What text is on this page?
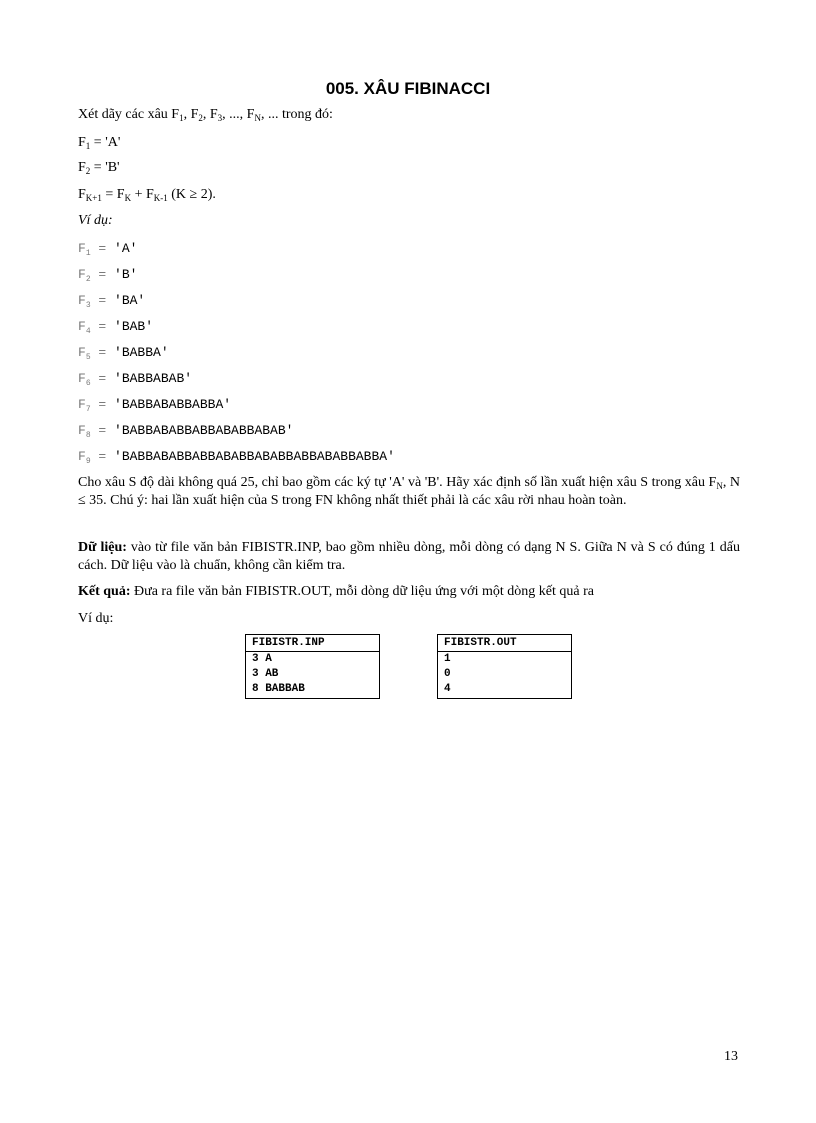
005. XÂU FIBINACCI
Xét dãy các xâu $F_1$, $F_2$, $F_3$, ..., $F_N$, ... trong đó:
$F_1$ = 'A'
$F_2$ = 'B'
$F_{K+1} = F_K + F_{K-1}$ (K ≥ 2).
Ví dụ:
$F_1$ = 'A'
$F_2$ = 'B'
$F_3$ = 'BA'
$F_4$ = 'BAB'
$F_5$ = 'BABBA'
$F_6$ = 'BABBABAB'
$F_7$ = 'BABBABABBABBA'
$F_8$ = 'BABBABABBABBABABBABAB'
$F_9$ = 'BABBABABBABBABABBABABBABBABABBABBA'
Cho xâu S độ dài không quá 25, chỉ bao gồm các ký tự 'A' và 'B'. Hãy xác định số lần xuất hiện xâu S trong xâu $F_N$, N ≤ 35. Chú ý: hai lần xuất hiện của S trong FN không nhất thiết phải là các xâu rời nhau hoàn toàn.
Dữ liệu: vào từ file văn bản FIBISTR.INP, bao gồm nhiều dòng, mỗi dòng có dạng N S. Giữa N và S có đúng 1 dấu cách. Dữ liệu vào là chuẩn, không cần kiểm tra.
Kết quả: Đưa ra file văn bản FIBISTR.OUT, mỗi dòng dữ liệu ứng với một dòng kết quả ra
Ví dụ:
FIBISTR.INP
3 A
3 AB
8 BABBAB
FIBISTR.OUT
1
0
4
13
